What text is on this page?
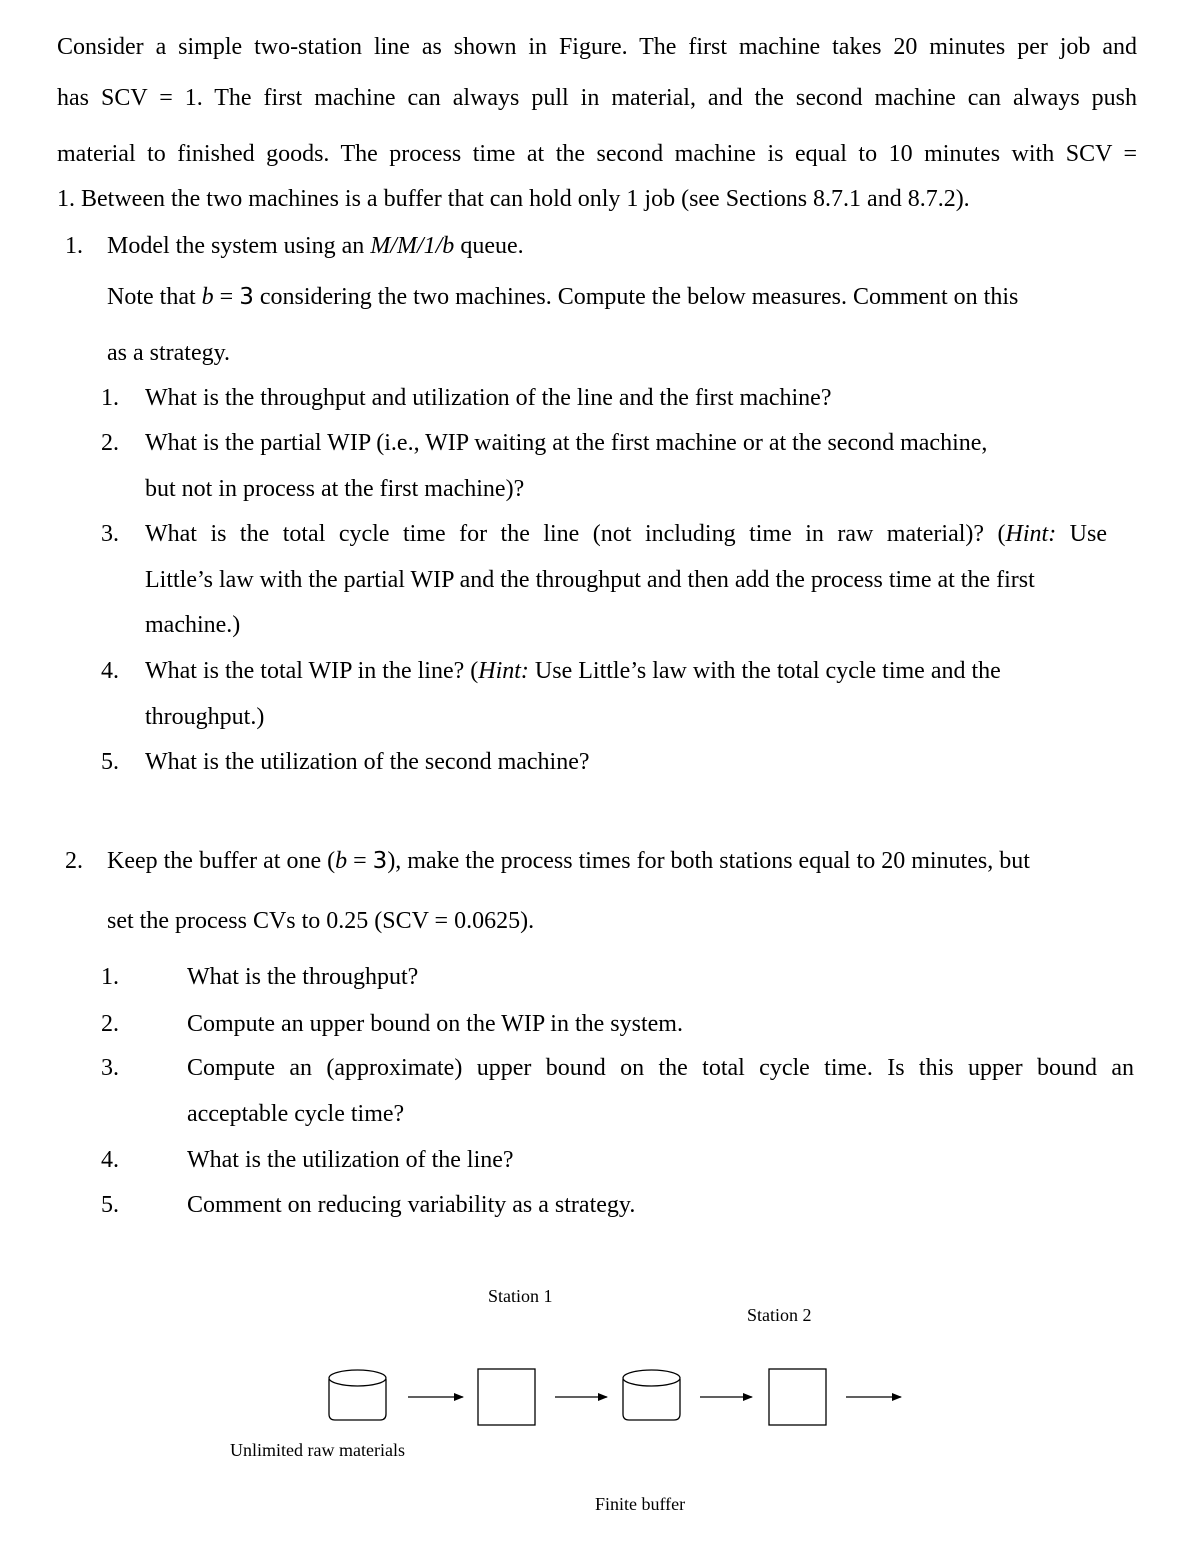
Consider a simple two-station line as shown in Figure. The first machine takes 20 minutes per job and
has SCV = 1. The first machine can always pull in material, and the second machine can always push
material to finished goods. The process time at the second machine is equal to 10 minutes with SCV =
1. Between the two machines is a buffer that can hold only 1 job (see Sections 8.7.1 and 8.7.2).
1. Model the system using an M/M/1/b queue.
Note that b = 3 considering the two machines. Compute the below measures. Comment on this
as a strategy.
1. What is the throughput and utilization of the line and the first machine?
2. What is the partial WIP (i.e., WIP waiting at the first machine or at the second machine,
but not in process at the first machine)?
3. What is the total cycle time for the line (not including time in raw material)? (Hint: Use
Little’s law with the partial WIP and the throughput and then add the process time at the first
machine.)
4. What is the total WIP in the line? (Hint: Use Little’s law with the total cycle time and the
throughput.)
5. What is the utilization of the second machine?
2. Keep the buffer at one (b = 3), make the process times for both stations equal to 20 minutes, but
set the process CVs to 0.25 (SCV = 0.0625).
1.	What is the throughput?
2.	Compute an upper bound on the WIP in the system.
3.	Compute an (approximate) upper bound on the total cycle time. Is this upper bound an
acceptable cycle time?
4.	What is the utilization of the line?
5.	Comment on reducing variability as a strategy.
Station 1
Station 2
Unlimited raw materials
Finite buffer
